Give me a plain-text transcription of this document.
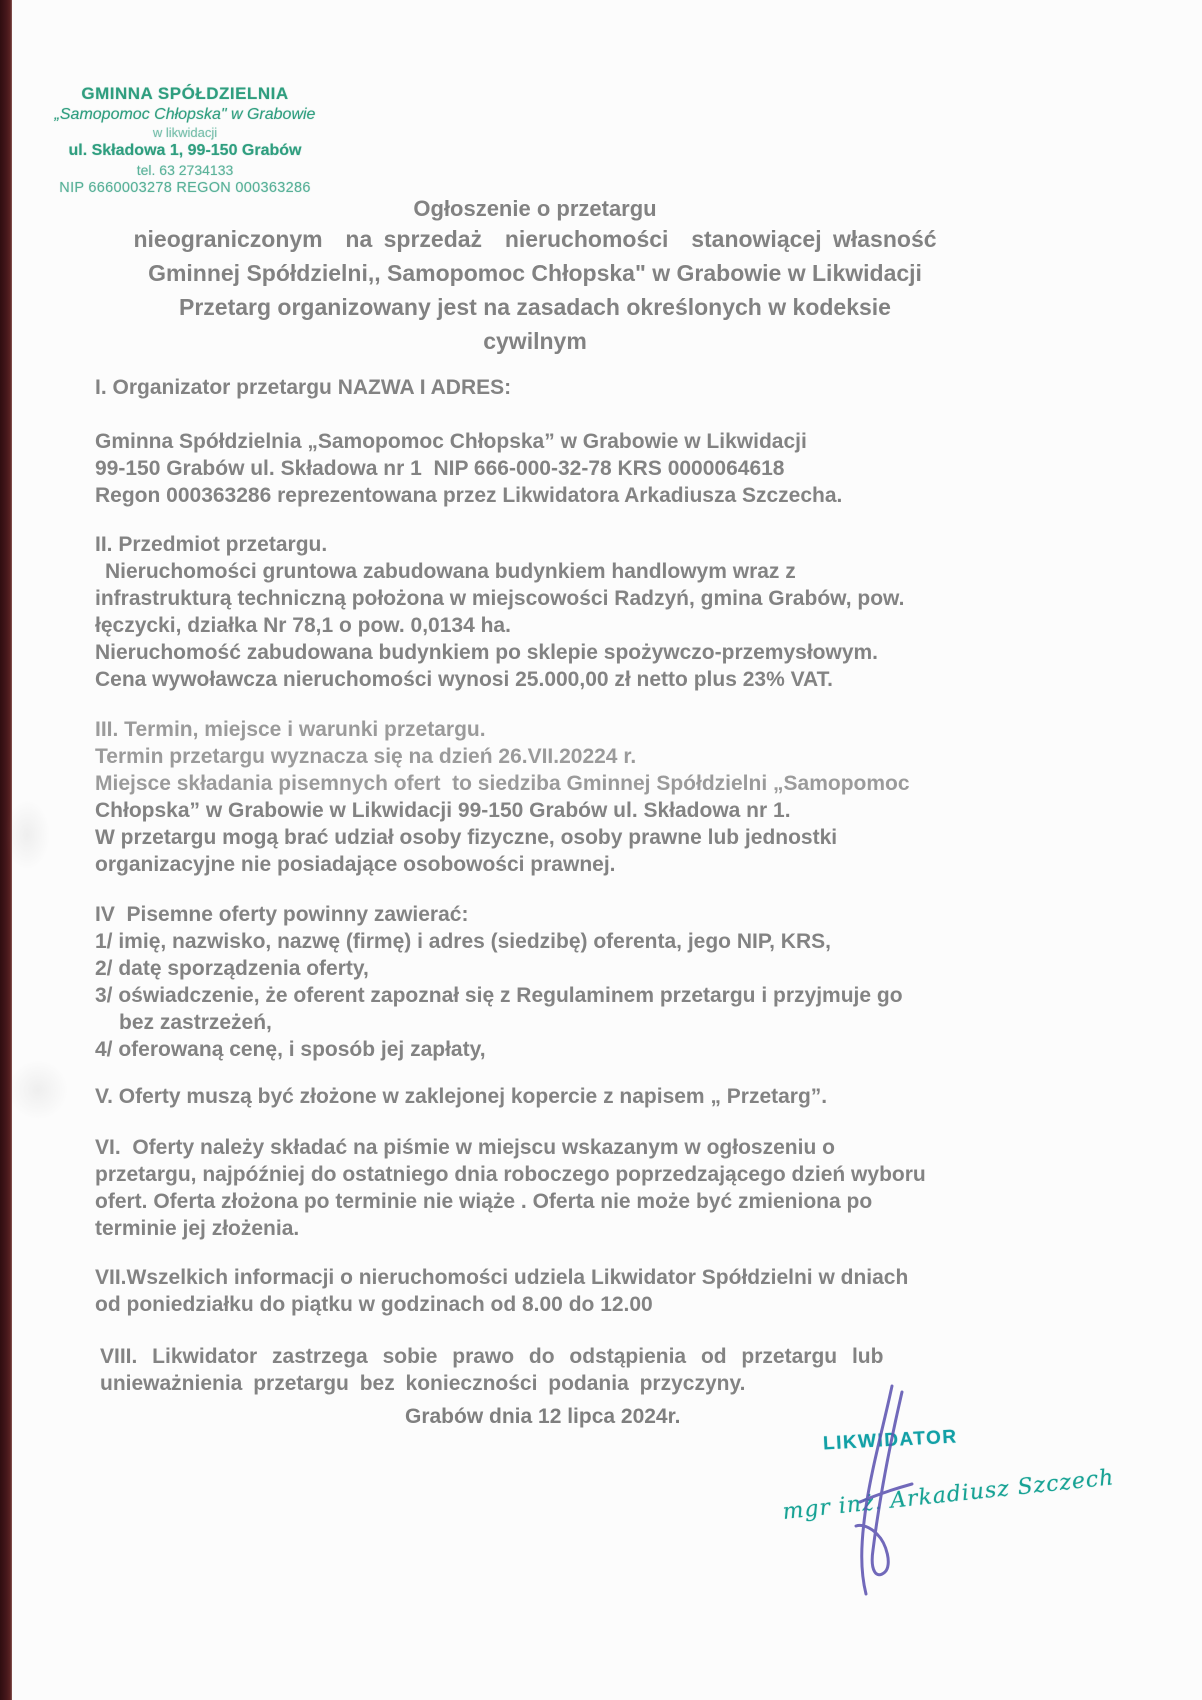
GMINNA SPÓŁDZIELNIA
„Samopomoc Chłopska" w Grabowie
w likwidacji
ul. Składowa 1, 99-150 Grabów
tel. 63 2734133
NIP 6660003278 REGON 000363286
Ogłoszenie o przetargu
nieograniczonym  na sprzedaż  nieruchomości  stanowiącej własność
Gminnej Spółdzielni,, Samopomoc Chłopska" w Grabowie w Likwidacji
Przetarg organizowany jest na zasadach określonych w kodeksie
cywilnym
I. Organizator przetargu NAZWA I ADRES:
Gminna Spółdzielnia „Samopomoc Chłopska” w Grabowie w Likwidacji
99-150 Grabów ul. Składowa nr 1  NIP 666-000-32-78 KRS 0000064618
Regon 000363286 reprezentowana przez Likwidatora Arkadiusza Szczecha.
II. Przedmiot przetargu.
Nieruchomości gruntowa zabudowana budynkiem handlowym wraz z
infrastrukturą techniczną położona w miejscowości Radzyń, gmina Grabów, pow.
łęczycki, działka Nr 78,1 o pow. 0,0134 ha.
Nieruchomość zabudowana budynkiem po sklepie spożywczo-przemysłowym.
Cena wywoławcza nieruchomości wynosi 25.000,00 zł netto plus 23% VAT.
III. Termin, miejsce i warunki przetargu.
Termin przetargu wyznacza się na dzień 26.VII.20224 r.
Miejsce składania pisemnych ofert  to siedziba Gminnej Spółdzielni „Samopomoc
Chłopska” w Grabowie w Likwidacji 99-150 Grabów ul. Składowa nr 1.
W przetargu mogą brać udział osoby fizyczne, osoby prawne lub jednostki
organizacyjne nie posiadające osobowości prawnej.
IV  Pisemne oferty powinny zawierać:
1/ imię, nazwisko, nazwę (firmę) i adres (siedzibę) oferenta, jego NIP, KRS,
2/ datę sporządzenia oferty,
3/ oświadczenie, że oferent zapoznał się z Regulaminem przetargu i przyjmuje go
bez zastrzeżeń,
4/ oferowaną cenę, i sposób jej zapłaty,
V. Oferty muszą być złożone w zaklejonej kopercie z napisem „ Przetarg”.
VI.  Oferty należy składać na piśmie w miejscu wskazanym w ogłoszeniu o
przetargu, najpóźniej do ostatniego dnia roboczego poprzedzającego dzień wyboru
ofert. Oferta złożona po terminie nie wiąże . Oferta nie może być zmieniona po
terminie jej złożenia.
VII.Wszelkich informacji o nieruchomości udziela Likwidator Spółdzielni w dniach
od poniedziałku do piątku w godzinach od 8.00 do 12.00
VIII. Likwidator zastrzega sobie prawo do odstąpienia od przetargu lub
unieważnienia przetargu bez konieczności podania przyczyny.
Grabów dnia 12 lipca 2024r.
LIKWIDATOR
mgr inż. Arkadiusz Szczech
